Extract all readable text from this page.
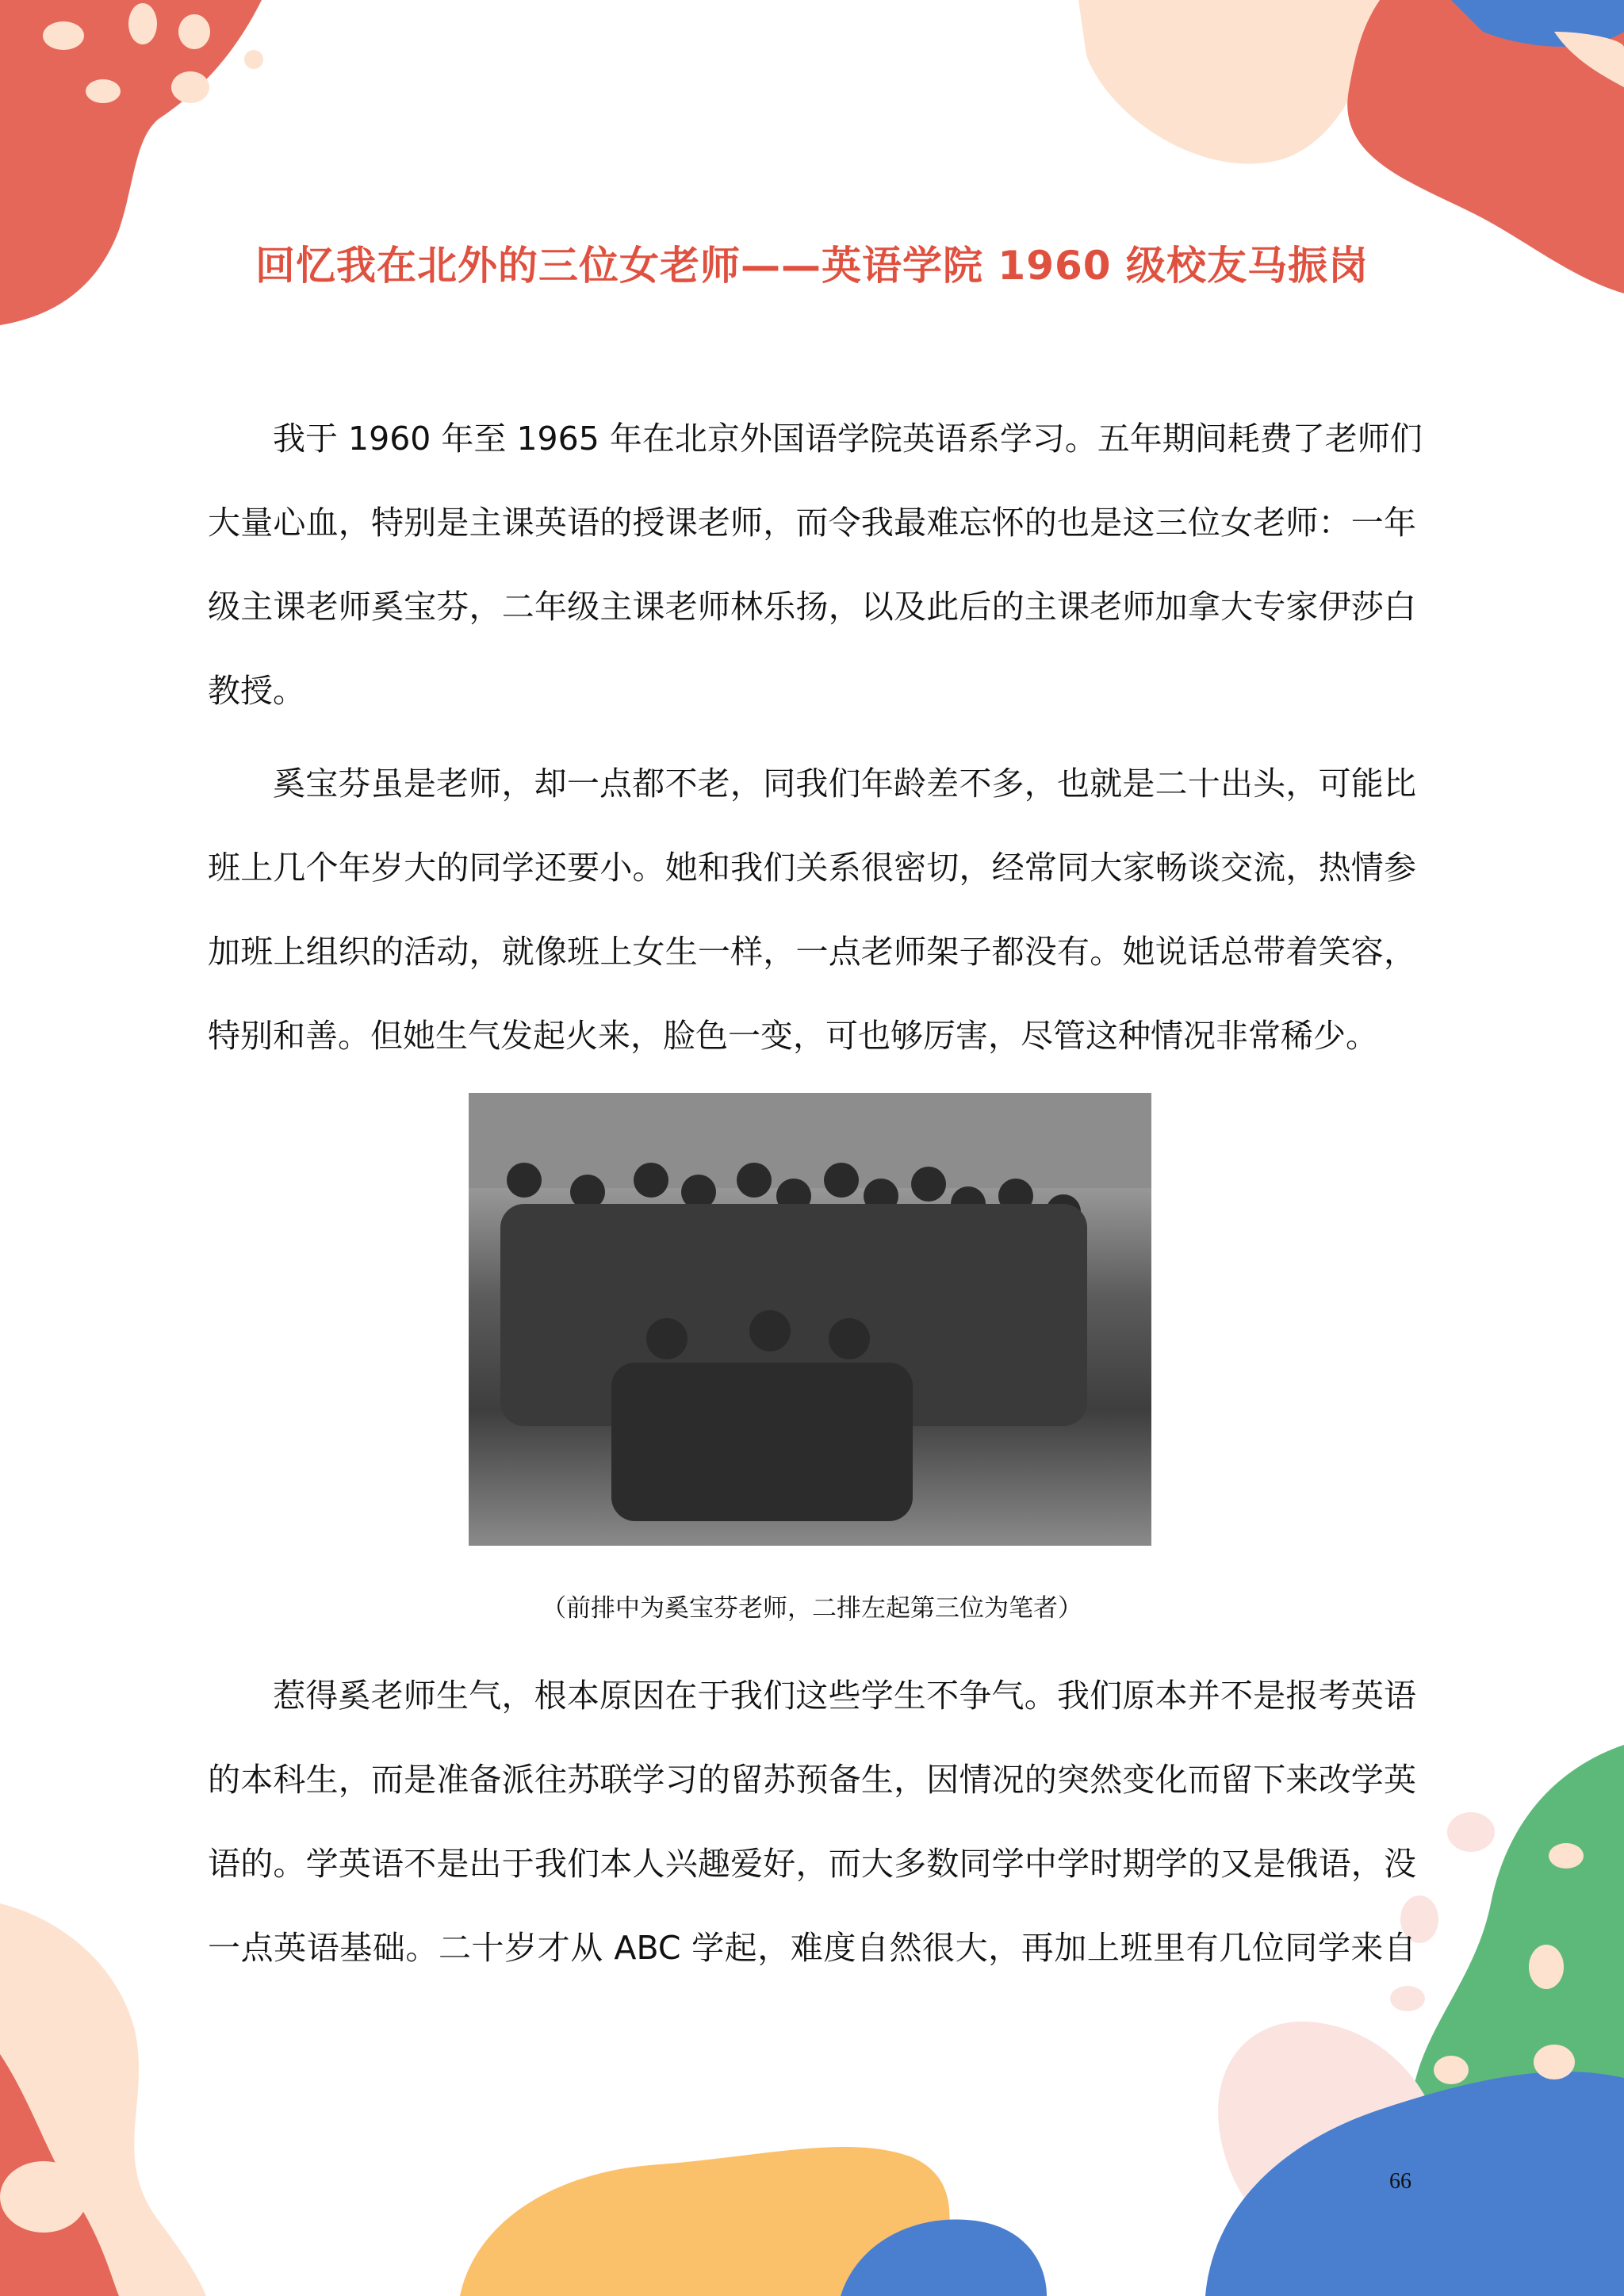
回忆我在北外的三位女老师——英语学院 1960 级校友马振岗
我于 1960 年至 1965 年在北京外国语学院英语系学习。五年期间耗费了老师们
大量心血，特别是主课英语的授课老师，而令我最难忘怀的也是这三位女老师：一年
级主课老师奚宝芬，二年级主课老师林乐扬，以及此后的主课老师加拿大专家伊莎白
教授。
奚宝芬虽是老师，却一点都不老，同我们年龄差不多，也就是二十出头，可能比
班上几个年岁大的同学还要小。她和我们关系很密切，经常同大家畅谈交流，热情参
加班上组织的活动，就像班上女生一样，一点老师架子都没有。她说话总带着笑容，
特别和善。但她生气发起火来，脸色一变，可也够厉害，尽管这种情况非常稀少。
（前排中为奚宝芬老师，二排左起第三位为笔者）
惹得奚老师生气，根本原因在于我们这些学生不争气。我们原本并不是报考英语
的本科生，而是准备派往苏联学习的留苏预备生，因情况的突然变化而留下来改学英
语的。学英语不是出于我们本人兴趣爱好，而大多数同学中学时期学的又是俄语，没
一点英语基础。二十岁才从 ABC 学起，难度自然很大，再加上班里有几位同学来自
66
